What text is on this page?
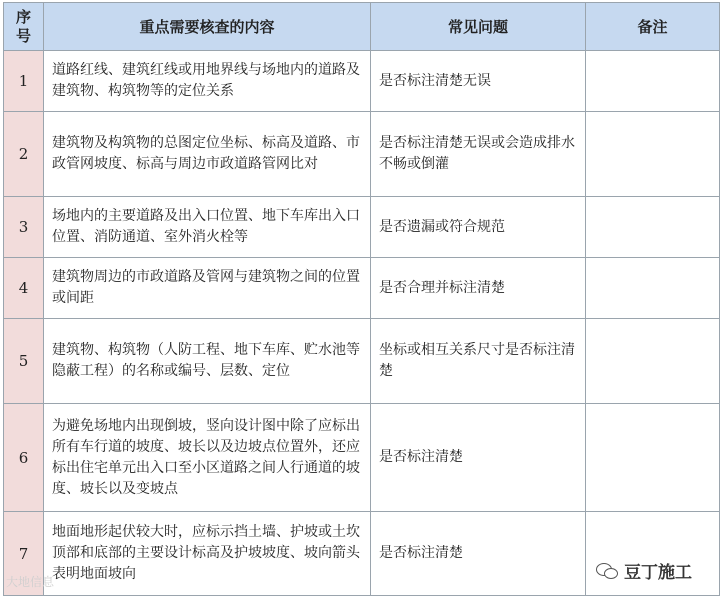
序
号	重点需要核查的内容	常见问题	备注
1	道路红线、建筑红线或用地界线与场地内的道路及建筑物、构筑物等的定位关系	是否标注清楚无误	
2	建筑物及构筑物的总图定位坐标、标高及道路、市政管网坡度、标高与周边市政道路管网比对	是否标注清楚无误或会造成排水不畅或倒灌	
3	场地内的主要道路及出入口位置、地下车库出入口位置、消防通道、室外消火栓等	是否遗漏或符合规范	
4	建筑物周边的市政道路及管网与建筑物之间的位置或间距	是否合理并标注清楚	
5	建筑物、构筑物（人防工程、地下车库、贮水池等隐蔽工程）的名称或编号、层数、定位	坐标或相互关系尺寸是否标注清楚	
6	为避免场地内出现倒坡，竖向设计图中除了应标出所有车行道的坡度、坡长以及边坡点位置外，还应标出住宅单元出入口至小区道路之间人行通道的坡度、坡长以及变坡点	是否标注清楚	
7	地面地形起伏较大时，应标示挡土墙、护坡或土坎顶部和底部的主要设计标高及护坡坡度、坡向箭头表明地面坡向	是否标注清楚	
大地信息	豆丁施工
